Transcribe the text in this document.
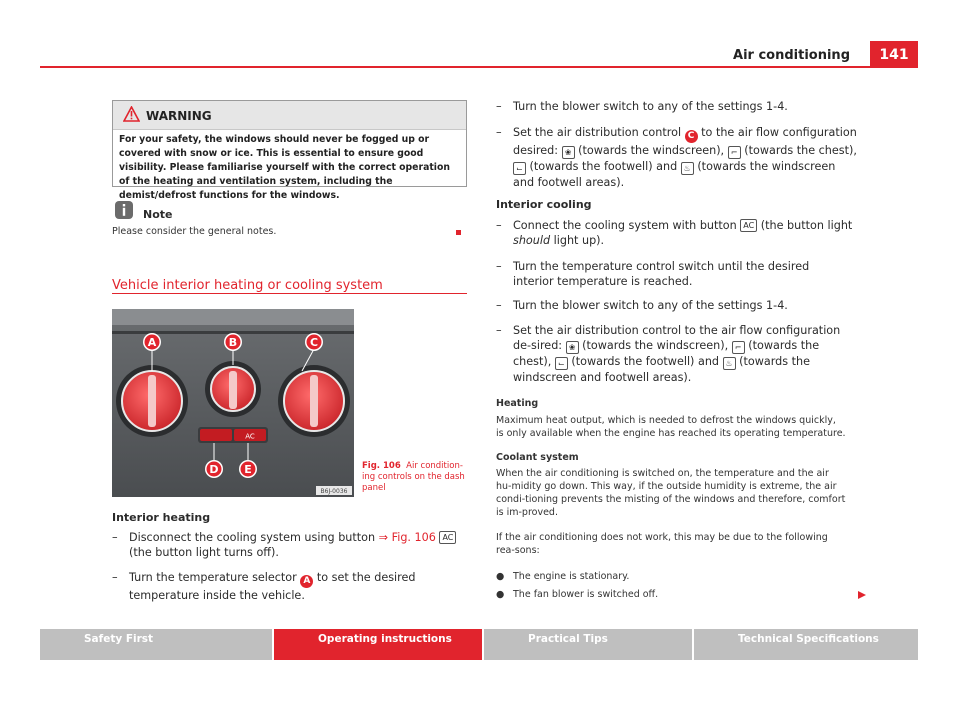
Air conditioning	141
WARNING
For your safety, the windows should never be fogged up or covered with snow or ice. This is essential to ensure good visibility. Please familiarise yourself with the correct operation of the heating and ventilation system, including the demist/defrost functions for the windows.
Note
Please consider the general notes.
Vehicle interior heating or cooling system
AC
A	B	C
D E
B6J-0036
Fig. 106 Air condition-ing controls on the dash panel
Interior heating
–	Disconnect the cooling system using button ⇒ Fig. 106 AC (the button light turns off).
–	Turn the temperature selector A to set the desired temperature inside the vehicle.
–	Turn the blower switch to any of the settings 1-4.
–	Set the air distribution control C to the air flow configuration desired: ❀ (towards the windscreen), ⌐ (towards the chest), ⌙ (towards the footwell) and ♨ (towards the windscreen and footwell areas).
Interior cooling
–	Connect the cooling system with button AC (the button light should light up).
–	Turn the temperature control switch until the desired interior temperature is reached.
–	Turn the blower switch to any of the settings 1-4.
–	Set the air distribution control to the air flow configuration de-sired: ❀ (towards the windscreen), ⌐ (towards the chest), ⌙ (towards the footwell) and ♨ (towards the windscreen and footwell areas).
Heating
Maximum heat output, which is needed to defrost the windows quickly, is only available when the engine has reached its operating temperature.
Coolant system
When the air conditioning is switched on, the temperature and the air hu-midity go down. This way, if the outside humidity is extreme, the air condi-tioning prevents the misting of the windows and therefore, comfort is im-proved.
If the air conditioning does not work, this may be due to the following rea-sons:
● The engine is stationary.
● The fan blower is switched off.
Safety First	Operating instructions	Practical Tips	Technical Specifications
